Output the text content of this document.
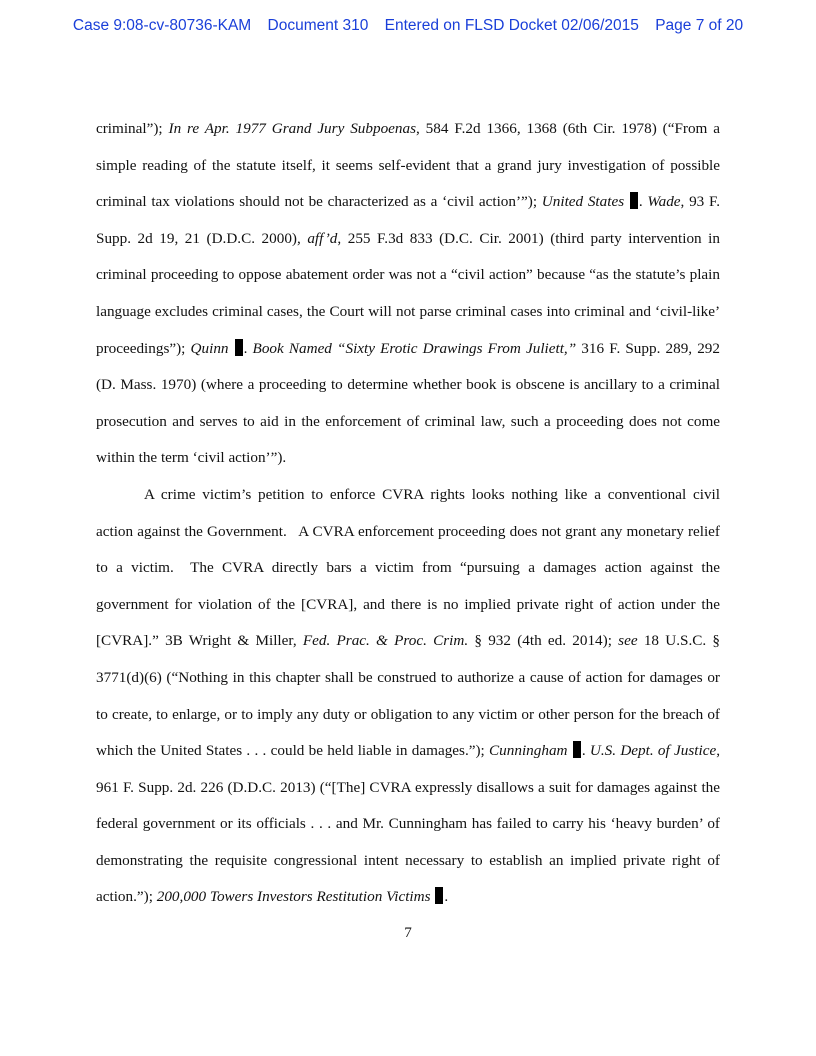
Case 9:08-cv-80736-KAM Document 310 Entered on FLSD Docket 02/06/2015 Page 7 of 20

criminal”); In re Apr. 1977 Grand Jury Subpoenas, 584 F.2d 1366, 1368 (6th Cir. 1978) (“From a simple reading of the statute itself, it seems self-evident that a grand jury investigation of possible criminal tax violations should not be characterized as a ‘civil action’”); United States . Wade, 93 F. Supp. 2d 19, 21 (D.D.C. 2000), aff’d, 255 F.3d 833 (D.C. Cir. 2001) (third party intervention in criminal proceeding to oppose abatement order was not a “civil action” because “as the statute’s plain language excludes criminal cases, the Court will not parse criminal cases into criminal and ‘civil-like’ proceedings”); Quinn . Book Named “Sixty Erotic Drawings From Juliett,” 316 F. Supp. 289, 292 (D. Mass. 1970) (where a proceeding to determine whether book is obscene is ancillary to a criminal prosecution and serves to aid in the enforcement of criminal law, such a proceeding does not come within the term ‘civil action’”).

A crime victim’s petition to enforce CVRA rights looks nothing like a conventional civil action against the Government.   A CVRA enforcement proceeding does not grant any monetary relief to a victim.  The CVRA directly bars a victim from “pursuing a damages action against the government for violation of the [CVRA], and there is no implied private right of action under the [CVRA].” 3B Wright & Miller, Fed. Prac. & Proc. Crim. § 932 (4th ed. 2014); see 18 U.S.C. § 3771(d)(6) (“Nothing in this chapter shall be construed to authorize a cause of action for damages or to create, to enlarge, or to imply any duty or obligation to any victim or other person for the breach of which the United States . . . could be held liable in damages.”); Cunningham . U.S. Dept. of Justice, 961 F. Supp. 2d. 226 (D.D.C. 2013) (“[The] CVRA expressly disallows a suit for damages against the federal government or its officials . . . and Mr. Cunningham has failed to carry his ‘heavy burden’ of demonstrating the requisite congressional intent necessary to establish an implied private right of action.”); 200,000 Towers Investors Restitution Victims .

7
